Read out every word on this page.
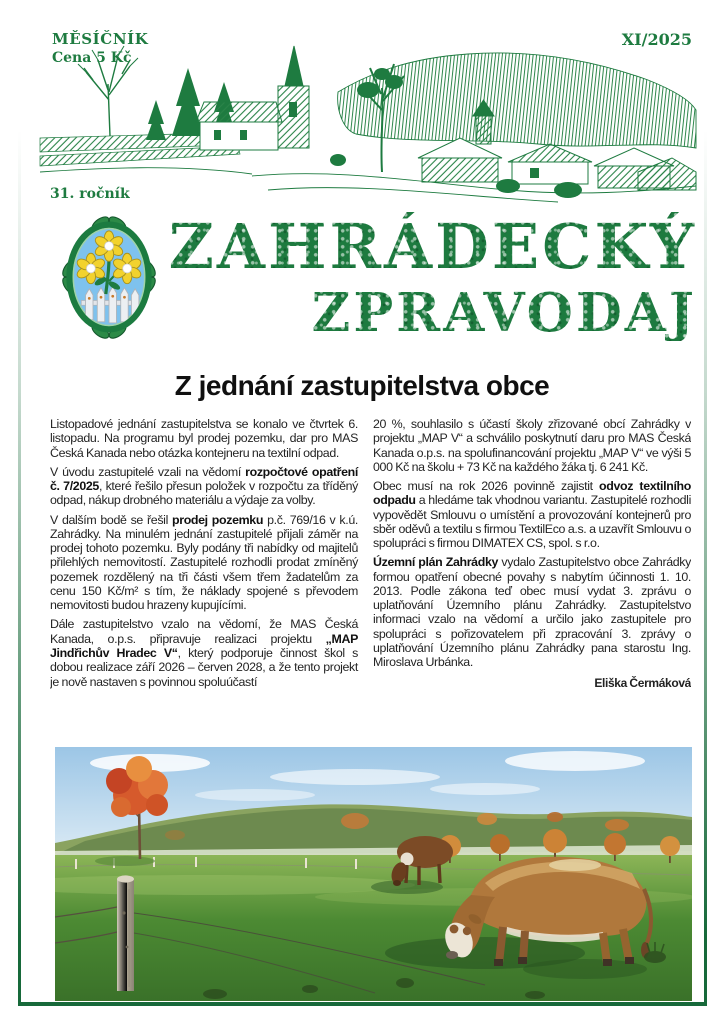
MĚSÍČNÍK
Cena 5 Kč
XI/2025
31. ročník
ZAHRÁDECKÝ
ZPRAVODAJ
Z jednání zastupitelstva obce

Listopadové jednání zastupitelstva se konalo ve čtvrtek 6. listopadu. Na programu byl prodej pozemku, dar pro MAS Česká Kanada nebo otázka kontejneru na textilní odpad.

V úvodu zastupitelé vzali na vědomí rozpočtové opatření č. 7/2025, které řešilo přesun položek v rozpočtu za tříděný odpad, nákup drobného materiálu a výdaje za volby.

V dalším bodě se řešil prodej pozemku p.č. 769/16 v k.ú. Zahrádky. Na minulém jednání zastupitelé přijali záměr na prodej tohoto pozemku. Byly podány tři nabídky od majitelů přilehlých nemovitostí. Zastupitelé rozhodli prodat zmíněný pozemek rozdělený na tři části všem třem žadatelům za cenu 150 Kč/m² s tím, že náklady spojené s převodem nemovitosti budou hrazeny kupujícími.

Dále zastupitelstvo vzalo na vědomí, že MAS Česká Kanada, o.p.s. připravuje realizaci projektu „MAP Jindřichův Hradec V“, který podporuje činnost škol s dobou realizace září 2026 – červen 2028, a že tento projekt je nově nastaven s povinnou spoluúčastí

20 %, souhlasilo s účastí školy zřizované obcí Zahrádky v projektu „MAP V“ a schválilo poskytnutí daru pro MAS Česká Kanada o.p.s. na spolufinancování projektu „MAP V“ ve výši 5 000 Kč na školu + 73 Kč na každého žáka tj. 6 241 Kč.

Obec musí na rok 2026 povinně zajistit odvoz textilního odpadu a hledáme tak vhodnou variantu. Zastupitelé rozhodli vypovědět Smlouvu o umístění a provozování kontejnerů pro sběr oděvů a textilu s firmou TextilEco a.s. a uzavřít Smlouvu o spolupráci s firmou DIMATEX CS, spol. s r.o.

Územní plán Zahrádky vydalo Zastupitelstvo obce Zahrádky formou opatření obecné povahy s nabytím účinnosti 1. 10. 2013. Podle zákona teď obec musí vydat 3. zprávu o uplatňování Územního plánu Zahrádky. Zastupitelstvo informaci vzalo na vědomí a určilo jako zastupitele pro spolupráci s pořizovatelem při zpracování 3. zprávy o uplatňování Územního plánu Zahrádky pana starostu Ing. Miroslava Urbánka.

Eliška Čermáková
